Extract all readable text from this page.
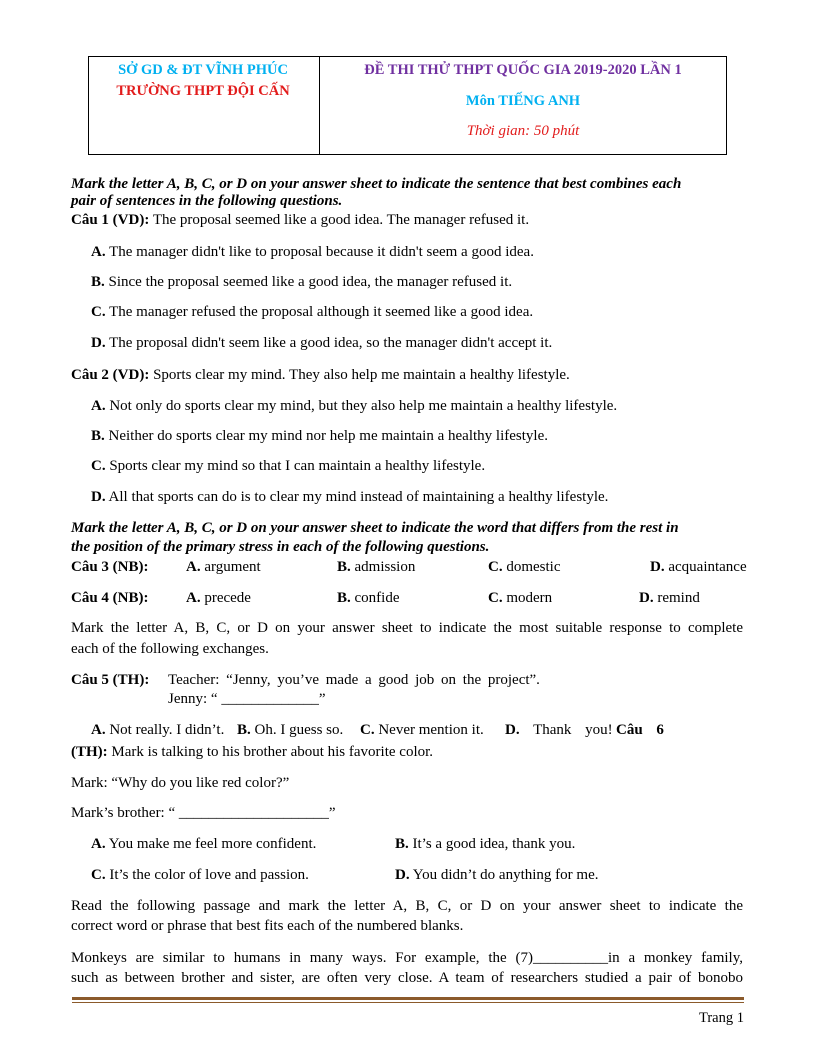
SỞ GD & ĐT VĨNH PHÚC
TRƯỜNG THPT ĐỘI CẤN
ĐỀ THI THỬ THPT QUỐC GIA 2019-2020 LẦN 1
Môn TIẾNG ANH
Thời gian: 50 phút
Mark the letter A, B, C, or D on your answer sheet to indicate the sentence that best combines each
pair of sentences in the following questions.
Câu 1 (VD): The proposal seemed like a good idea. The manager refused it.
A. The manager didn't like to proposal because it didn't seem a good idea.
B. Since the proposal seemed like a good idea, the manager refused it.
C. The manager refused the proposal although it seemed like a good idea.
D. The proposal didn't seem like a good idea, so the manager didn't accept it.
Câu 2 (VD): Sports clear my mind. They also help me maintain a healthy lifestyle.
A. Not only do sports clear my mind, but they also help me maintain a healthy lifestyle.
B. Neither do sports clear my mind nor help me maintain a healthy lifestyle.
C. Sports clear my mind so that I can maintain a healthy lifestyle.
D. All that sports can do is to clear my mind instead of maintaining a healthy lifestyle.
Mark the letter A, B, C, or D on your answer sheet to indicate the word that differs from the rest in
the position of the primary stress in each of the following questions.
Câu 3 (NB):	A. argument	B. admission	C. domestic	D. acquaintance
Câu 4 (NB):	A. precede	B. confide	C. modern	D. remind
Mark the letter A, B, C, or D on your answer sheet to indicate the most suitable response to complete
each of the following exchanges.
Câu 5 (TH): Teacher: “Jenny, you’ve made a good job on the project”.
Jenny: “ _____________”
A. Not really. I didn’t. B. Oh. I guess so. C. Never mention it. D. Thank you! Câu 6
(TH): Mark is talking to his brother about his favorite color.
Mark: “Why do you like red color?”
Mark’s brother: “ ____________________”
A. You make me feel more confident.	B. It’s a good idea, thank you.
C. It’s the color of love and passion.	D. You didn’t do anything for me.
Read the following passage and mark the letter A, B, C, or D on your answer sheet to indicate the
correct word or phrase that best fits each of the numbered blanks.
Monkeys are similar to humans in many ways. For example, the (7)__________in a monkey family,
such as between brother and sister, are often very close. A team of researchers studied a pair of bonobo
Trang 1
